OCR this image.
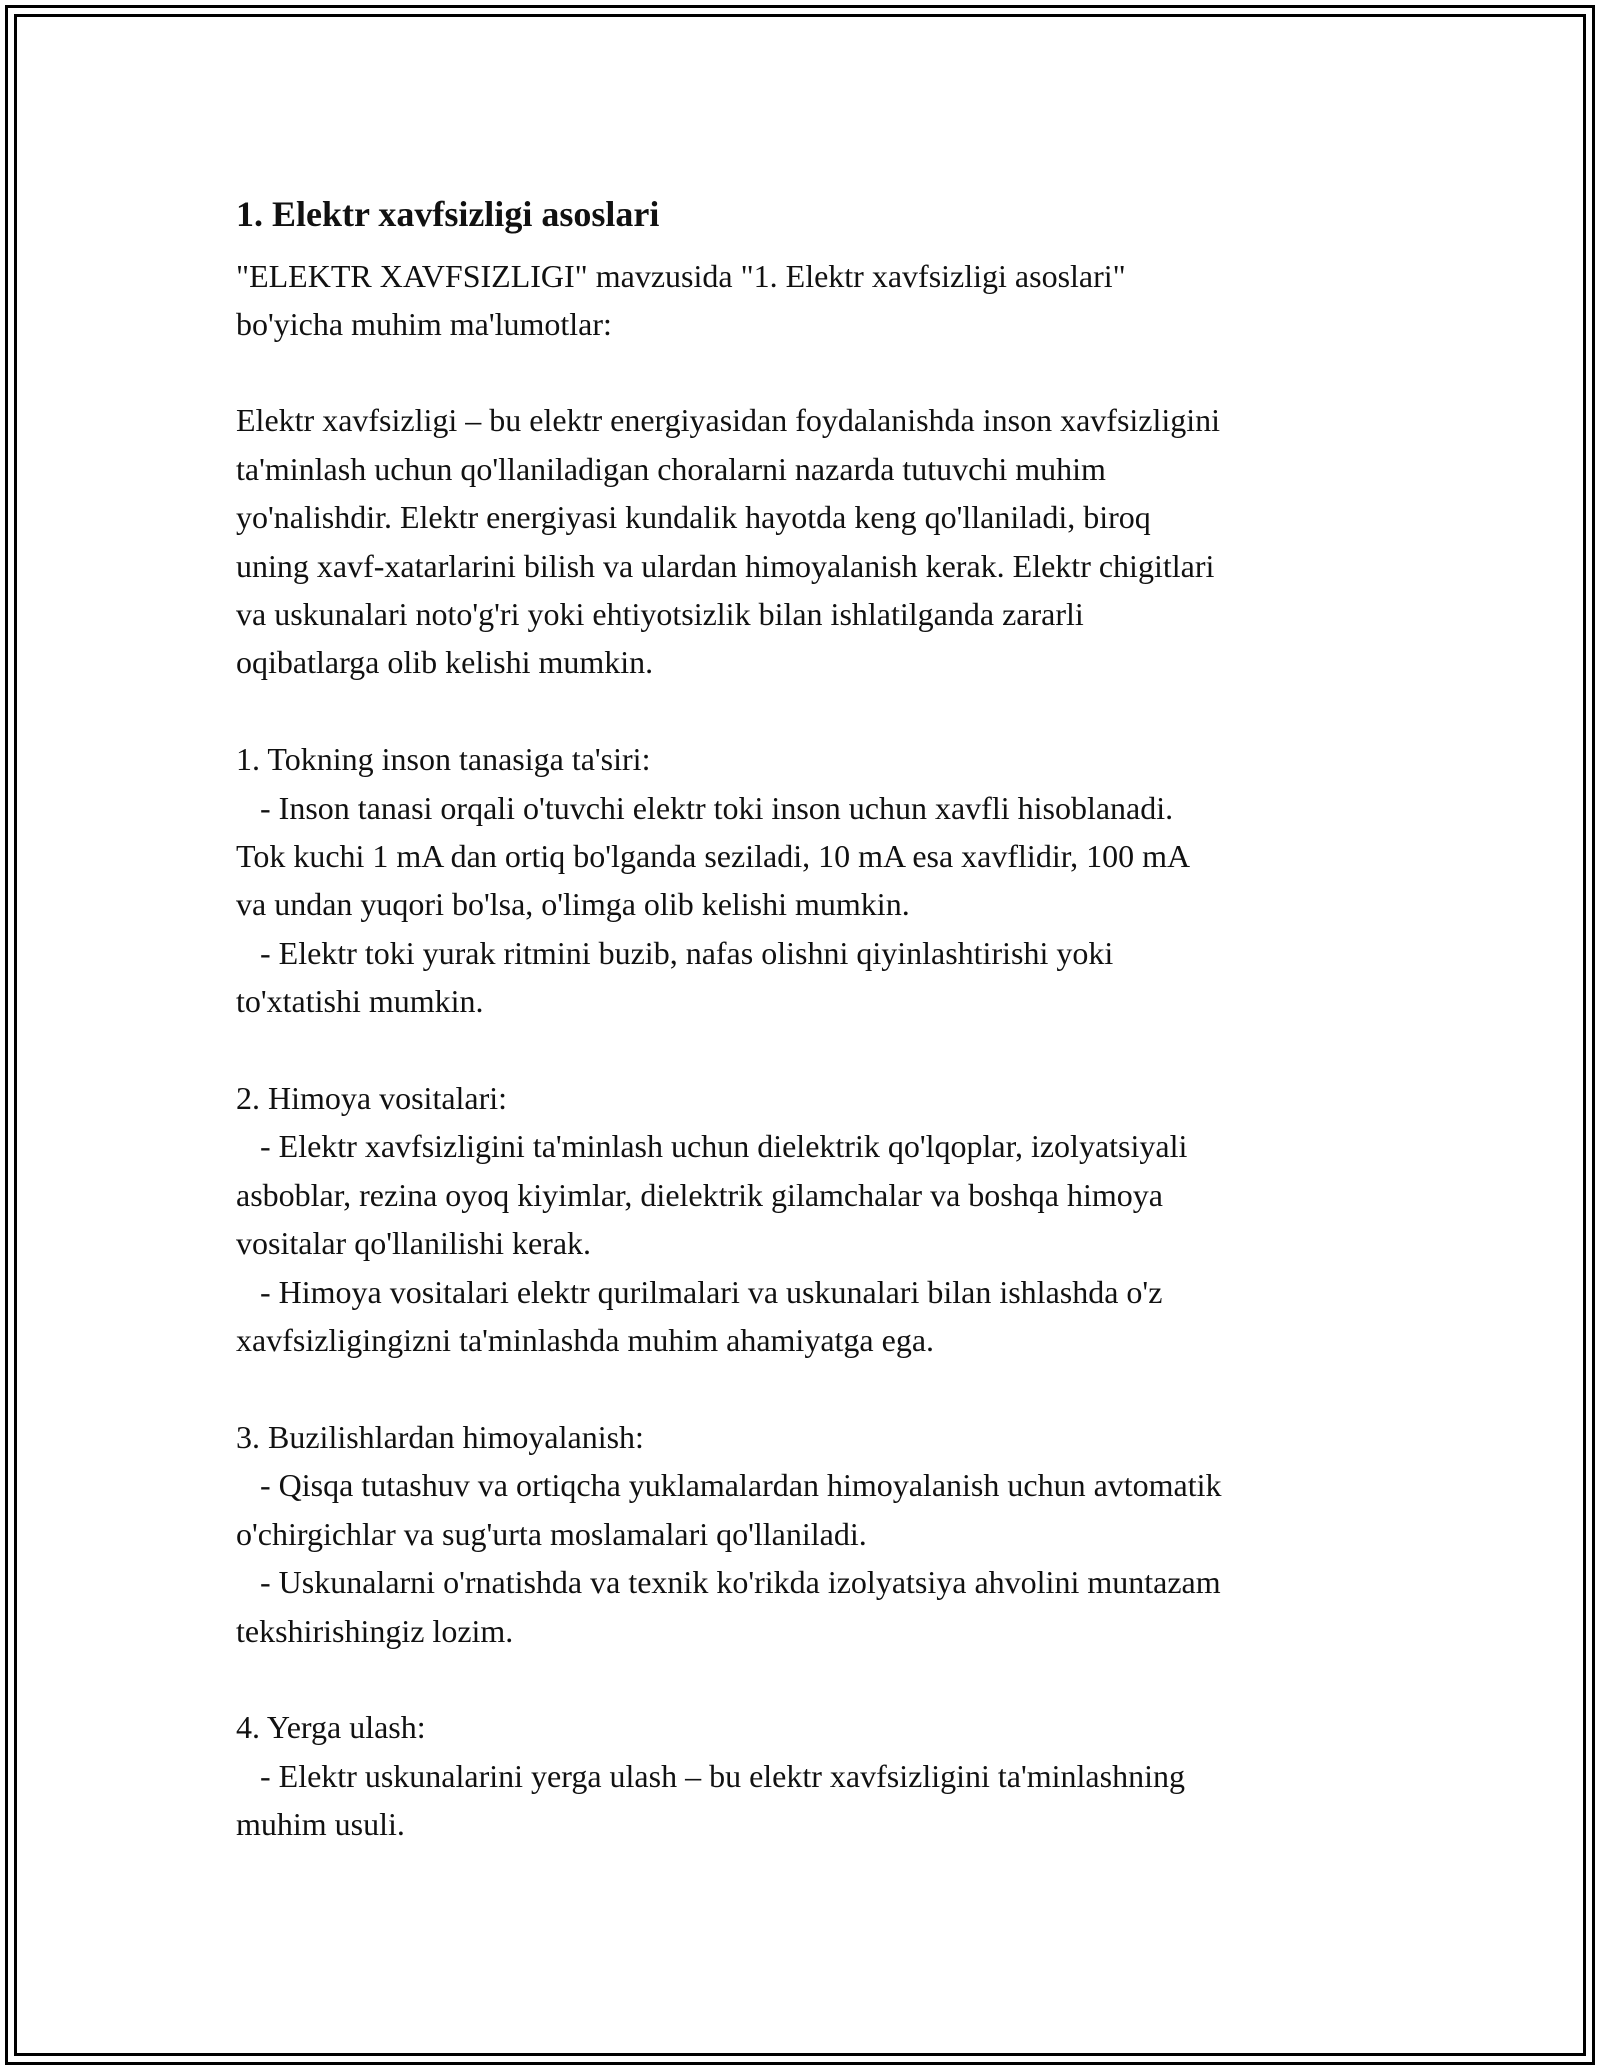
1. Elektr xavfsizligi asoslari

"ELEKTR XAVFSIZLIGI" mavzusida "1. Elektr xavfsizligi asoslari"
bo'yicha muhim ma'lumotlar:

Elektr xavfsizligi – bu elektr energiyasidan foydalanishda inson xavfsizligini
ta'minlash uchun qo'llaniladigan choralarni nazarda tutuvchi muhim
yo'nalishdir. Elektr energiyasi kundalik hayotda keng qo'llaniladi, biroq
uning xavf-xatarlarini bilish va ulardan himoyalanish kerak. Elektr chigitlari
va uskunalari noto'g'ri yoki ehtiyotsizlik bilan ishlatilganda zararli
oqibatlarga olib kelishi mumkin.

1. Tokning inson tanasiga ta'siri:

- Inson tanasi orqali o'tuvchi elektr toki inson uchun xavfli hisoblanadi.
Tok kuchi 1 mA dan ortiq bo'lganda seziladi, 10 mA esa xavflidir, 100 mA
va undan yuqori bo'lsa, o'limga olib kelishi mumkin.

- Elektr toki yurak ritmini buzib, nafas olishni qiyinlashtirishi yoki
to'xtatishi mumkin.

2. Himoya vositalari:

- Elektr xavfsizligini ta'minlash uchun dielektrik qo'lqoplar, izolyatsiyali
asboblar, rezina oyoq kiyimlar, dielektrik gilamchalar va boshqa himoya
vositalar qo'llanilishi kerak.

- Himoya vositalari elektr qurilmalari va uskunalari bilan ishlashda o'z
xavfsizligingizni ta'minlashda muhim ahamiyatga ega.

3. Buzilishlardan himoyalanish:

- Qisqa tutashuv va ortiqcha yuklamalardan himoyalanish uchun avtomatik
o'chirgichlar va sug'urta moslamalari qo'llaniladi.

- Uskunalarni o'rnatishda va texnik ko'rikda izolyatsiya ahvolini muntazam
tekshirishingiz lozim.

4. Yerga ulash:

- Elektr uskunalarini yerga ulash – bu elektr xavfsizligini ta'minlashning
muhim usuli.
